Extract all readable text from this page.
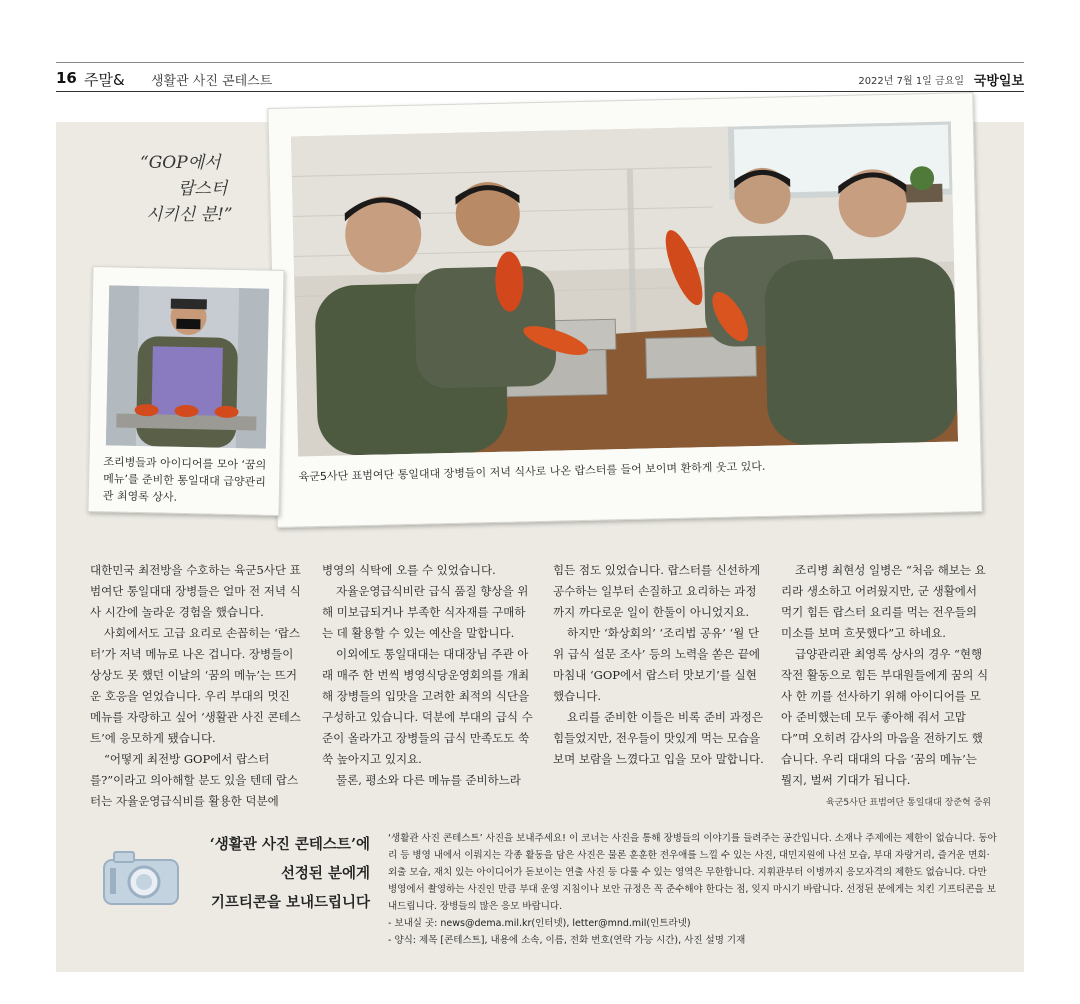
16 주말& 생활관 사진 콘테스트	2022년 7월 1일 금요일 국방일보
“GOP에서
랍스터
시키신 분!”
육군5사단 표범여단 통일대대 장병들이 저녁 식사로 나온 랍스터를 들어 보이며 환하게 웃고 있다.
조리병들과 아이디어를 모아 ‘꿈의 메뉴’를 준비한 통일대대 급양관리관 최영록 상사.

대한민국 최전방을 수호하는 육군5사단 표범여단 통일대대 장병들은 얼마 전 저녁 식사 시간에 놀라운 경험을 했습니다.

사회에서도 고급 요리로 손꼽히는 ‘랍스터’가 저녁 메뉴로 나온 겁니다. 장병들이 상상도 못 했던 이날의 ‘꿈의 메뉴’는 뜨거운 호응을 얻었습니다. 우리 부대의 멋진 메뉴를 자랑하고 싶어 ‘생활관 사진 콘테스트’에 응모하게 됐습니다.

“어떻게 최전방 GOP에서 랍스터를?”이라고 의아해할 분도 있을 텐데 랍스터는 자율운영급식비를 활용한 덕분에

병영의 식탁에 오를 수 있었습니다.

자율운영급식비란 급식 품질 향상을 위해 미보급되거나 부족한 식자재를 구매하는 데 활용할 수 있는 예산을 말합니다.

이외에도 통일대대는 대대장님 주관 아래 매주 한 번씩 병영식당운영회의를 개최해 장병들의 입맛을 고려한 최적의 식단을 구성하고 있습니다. 덕분에 부대의 급식 수준이 올라가고 장병들의 급식 만족도도 쑥쑥 높아지고 있지요.

물론, 평소와 다른 메뉴를 준비하느라

힘든 점도 있었습니다. 랍스터를 신선하게 공수하는 일부터 손질하고 요리하는 과정까지 까다로운 일이 한둘이 아니었지요.

하지만 ‘화상회의’ ‘조리법 공유’ ‘월 단위 급식 설문 조사’ 등의 노력을 쏟은 끝에 마침내 ‘GOP에서 랍스터 맛보기’를 실현했습니다.

요리를 준비한 이들은 비록 준비 과정은 힘들었지만, 전우들이 맛있게 먹는 모습을 보며 보람을 느꼈다고 입을 모아 말합니다.

조리병 최현성 일병은 “처음 해보는 요리라 생소하고 어려웠지만, 군 생활에서 먹기 힘든 랍스터 요리를 먹는 전우들의 미소를 보며 흐뭇했다”고 하네요.

급양관리관 최영록 상사의 경우 “현행 작전 활동으로 힘든 부대원들에게 꿈의 식사 한 끼를 선사하기 위해 아이디어를 모아 준비했는데 모두 좋아해 줘서 고맙다”며 오히려 감사의 마음을 전하기도 했습니다. 우리 대대의 다음 ‘꿈의 메뉴’는 뭘지, 벌써 기대가 됩니다.

육군5사단 표범여단 통일대대 장준혁 중위

‘생활관 사진 콘테스트’에
선정된 분에게
기프티콘을 보내드립니다
‘생활관 사진 콘테스트’ 사진을 보내주세요! 이 코너는 사진을 통해 장병들의 이야기를 들려주는 공간입니다. 소재나 주제에는 제한이 없습니다. 동아리 등 병영 내에서 이뤄지는 각종 활동을 담은 사진은 물론 훈훈한 전우애를 느낄 수 있는 사진, 대민지원에 나선 모습, 부대 자랑거리, 즐거운 면회·외출 모습, 재치 있는 아이디어가 돋보이는 연출 사진 등 다룰 수 있는 영역은 무한합니다. 지휘관부터 이병까지 응모자격의 제한도 없습니다. 다만 병영에서 촬영하는 사진인 만큼 부대 운영 지침이나 보안 규정은 꼭 준수해야 한다는 점, 잊지 마시기 바랍니다. 선정된 분에게는 치킨 기프티콘을 보내드립니다. 장병들의 많은 응모 바랍니다.
- 보내실 곳: news@dema.mil.kr(인터넷), letter@mnd.mil(인트라넷)
- 양식: 제목 [콘테스트], 내용에 소속, 이름, 전화 번호(연락 가능 시간), 사진 설명 기재
